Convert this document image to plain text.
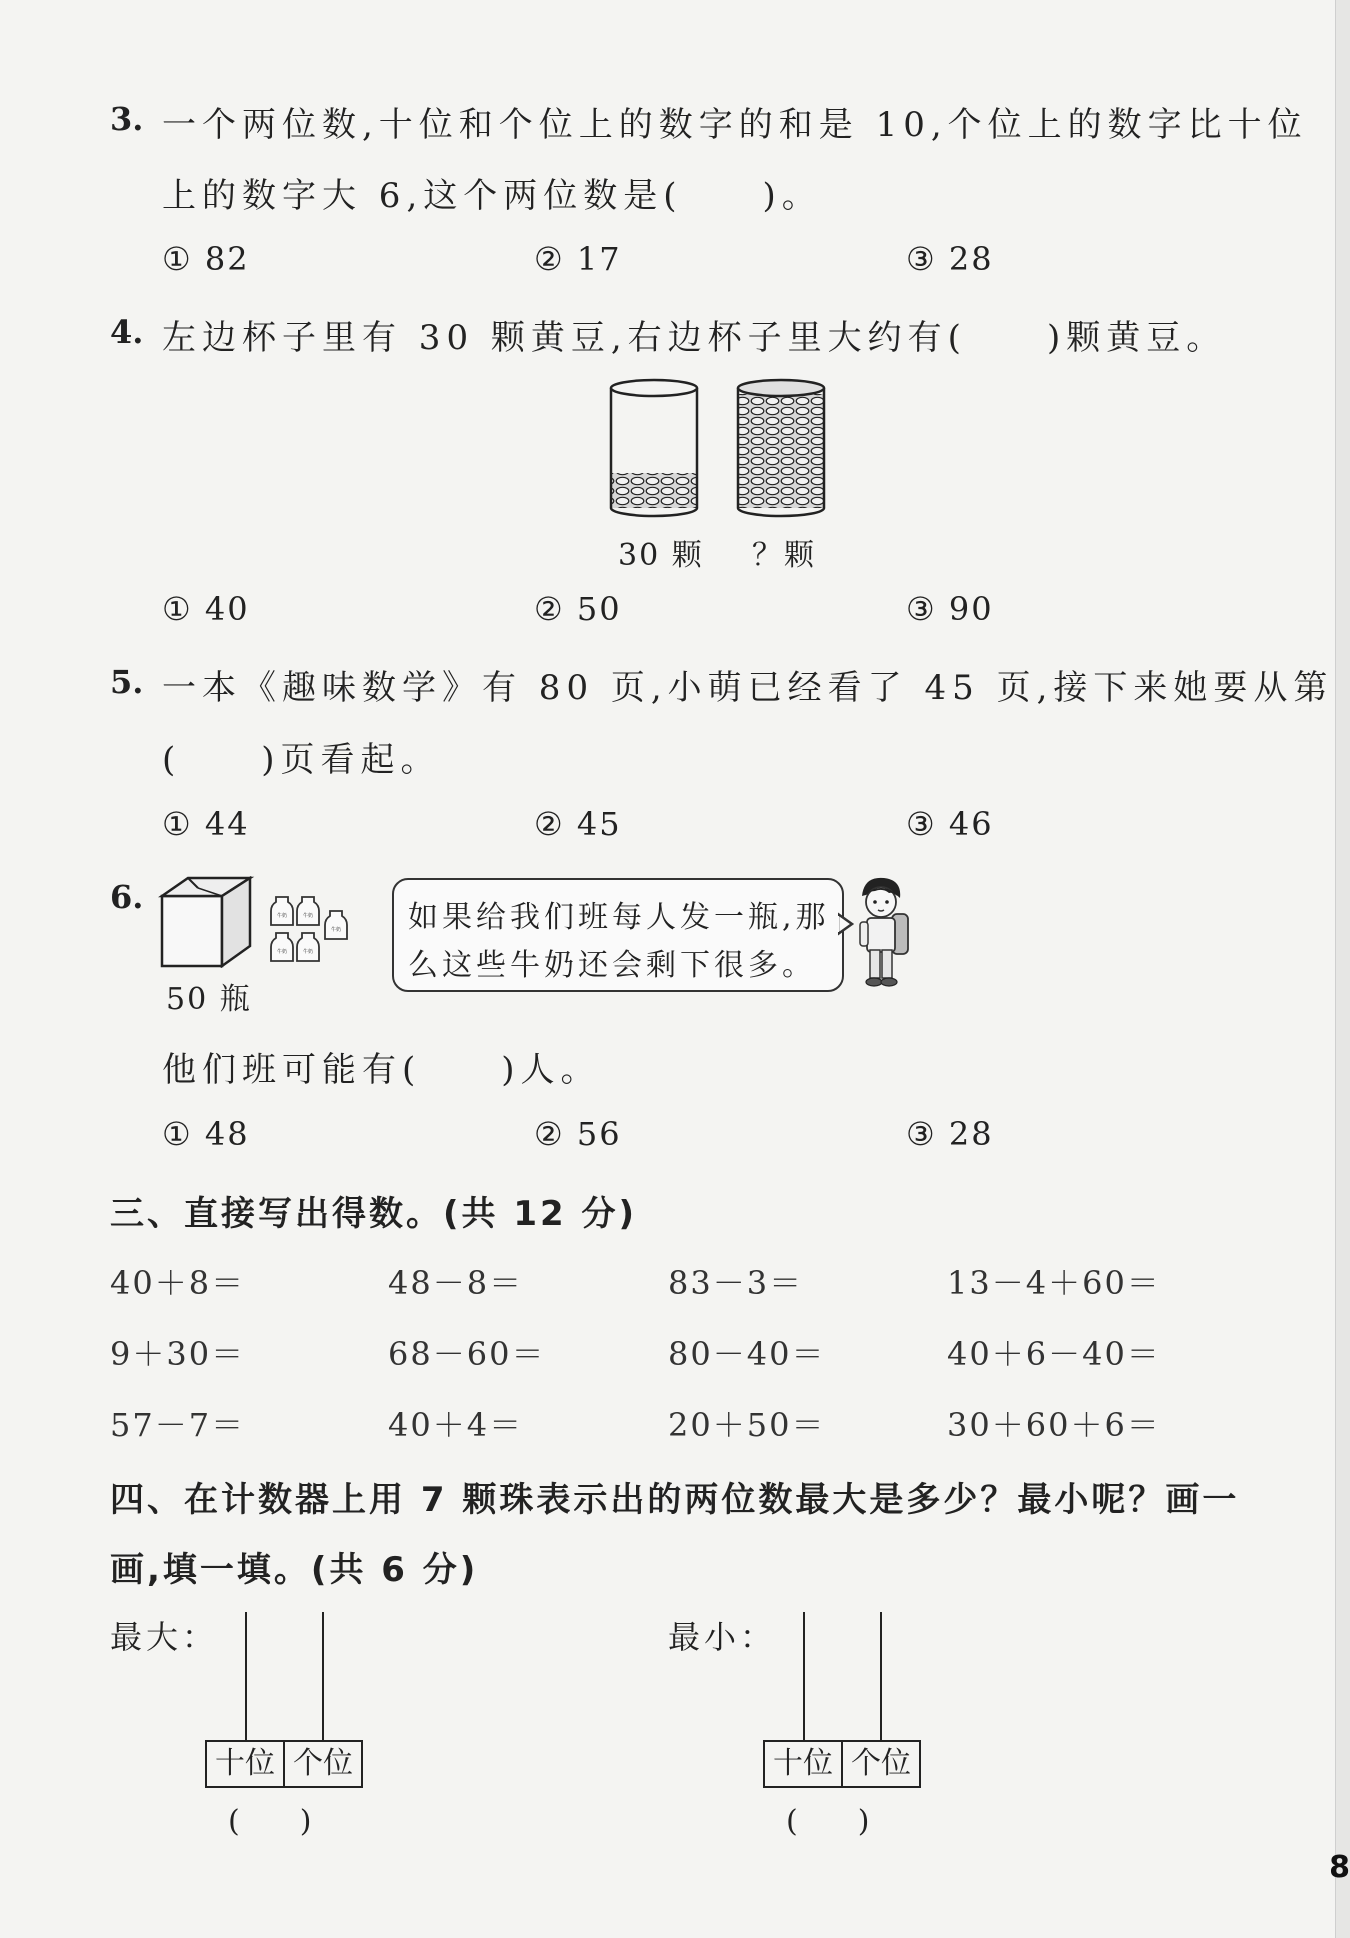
8
3. 一个两位数,十位和个位上的数字的和是 10,个位上的数字比十位
上的数字大 6,这个两位数是(　　)。
① 82	② 17	③ 28
4. 左边杯子里有 30 颗黄豆,右边杯子里大约有(　　)颗黄豆。
30 颗 ？颗
① 40	② 50	③ 90
5. 一本《趣味数学》有 80 页,小萌已经看了 45 页,接下来她要从第
(　　)页看起。
① 44	② 45	③ 46
6.	牛奶	牛奶
牛奶
牛奶	牛奶
50 瓶
如果给我们班每人发一瓶,那
么这些牛奶还会剩下很多。
他们班可能有(　　)人。
① 48	② 56	③ 28
三、直接写出得数。(共 12 分)
40＋8＝	48－8＝	83－3＝	13－4＋60＝
9＋30＝	68－60＝	80－40＝	40＋6－40＝
57－7＝	40＋4＝	20＋50＝	30＋60＋6＝
四、在计数器上用 7 颗珠表示出的两位数最大是多少？最小呢？画一
画,填一填。(共 6 分)
最大：
十位 个位
(　　)
最小：
十位 个位
(　　)
